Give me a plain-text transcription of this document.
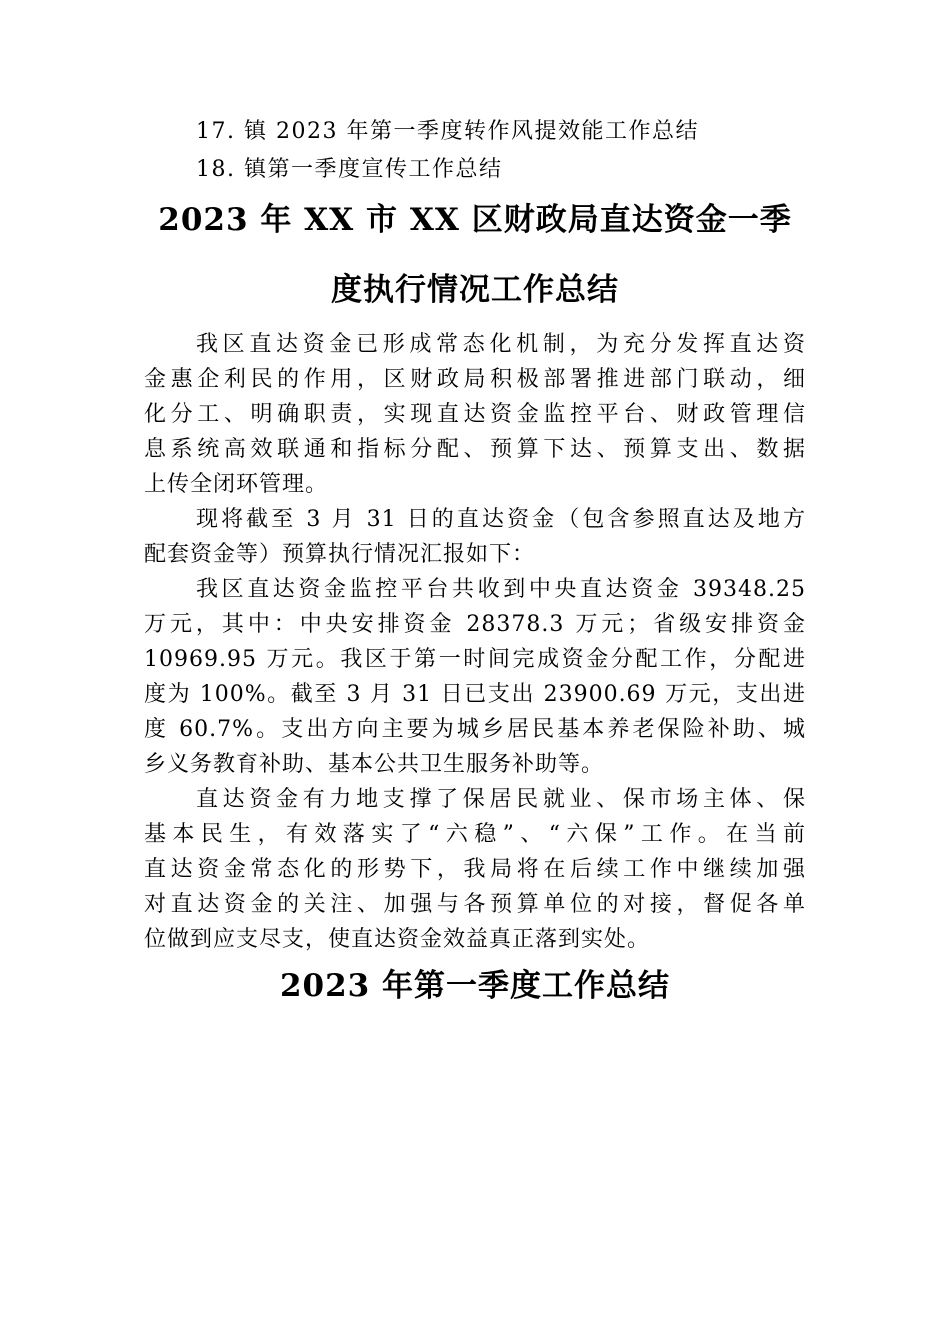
17. 镇 2023 年第一季度转作风提效能工作总结
18. 镇第一季度宣传工作总结
2023 年 XX 市 XX 区财政局直达资金一季
度执行情况工作总结
我区直达资金已形成常态化机制，为充分发挥直达资
金惠企利民的作用，区财政局积极部署推进部门联动，细
化分工、明确职责，实现直达资金监控平台、财政管理信
息系统高效联通和指标分配、预算下达、预算支出、数据
上传全闭环管理。
现将截至 3 月 31 日的直达资金（包含参照直达及地方
配套资金等）预算执行情况汇报如下：
我区直达资金监控平台共收到中央直达资金 39348.25
万元，其中：中央安排资金 28378.3 万元；省级安排资金
10969.95 万元。我区于第一时间完成资金分配工作，分配进
度为 100%。截至 3 月 31 日已支出 23900.69 万元，支出进
度 60.7%。支出方向主要为城乡居民基本养老保险补助、城
乡义务教育补助、基本公共卫生服务补助等。
直达资金有力地支撑了保居民就业、保市场主体、保
基本民生，有效落实了“六稳”、“六保”工作。在当前
直达资金常态化的形势下，我局将在后续工作中继续加强
对直达资金的关注、加强与各预算单位的对接，督促各单
位做到应支尽支，使直达资金效益真正落到实处。
2023 年第一季度工作总结
